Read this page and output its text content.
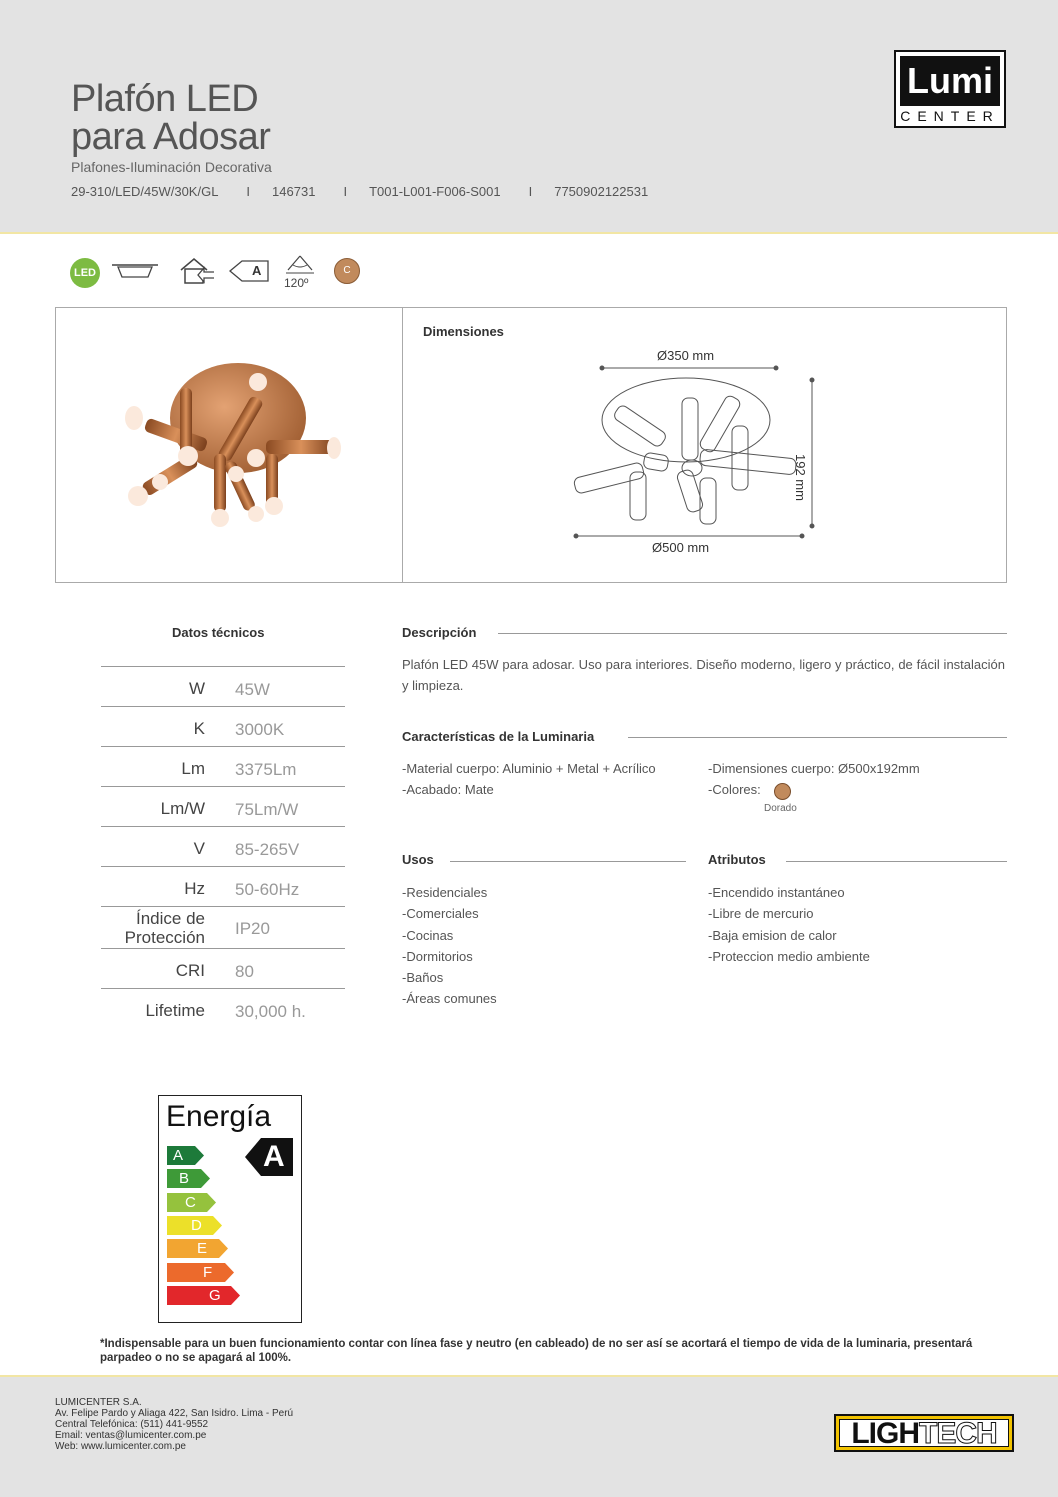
Plafón LED
para Adosar
Plafones-Iluminación Decorativa
29-310/LED/45W/30K/GL I 146731 I T001-L001-F006-S001 I 7750902122531
Lumi
CENTER
LED	A
120º
C
Dimensiones
Ø350 mm
Ø500 mm
192 mm
Datos técnicos
W 45W
K 3000K
Lm 3375Lm
Lm/W 75Lm/W
V 85-265V
Hz 50-60Hz
Índice de
Protección IP20
CRI 80
Lifetime 30,000 h.
Descripción
Plafón LED 45W para adosar. Uso para interiores. Diseño moderno, ligero y práctico, de fácil instalación y limpieza.
Características de la Luminaria
-Material cuerpo: Aluminio + Metal + Acrílico
-Acabado: Mate
-Dimensiones cuerpo: Ø500x192mm
-Colores:
Dorado
Usos
-Residenciales
-Comerciales
-Cocinas
-Dormitorios
-Baños
-Áreas comunes
Atributos
-Encendido instantáneo
-Libre de mercurio
-Baja emision de calor
-Proteccion medio ambiente
Energía
A
B
C
D
E
F
G
A
*Indispensable para un buen funcionamiento contar con línea fase y neutro (en cableado) de no ser así se acortará el tiempo de vida de la luminaria, presentará parpadeo o no se apagará al 100%.
LUMICENTER S.A.
Av. Felipe Pardo y Aliaga 422, San Isidro. Lima - Perú
Central Telefónica: (511) 441-9552
Email: ventas@lumicenter.com.pe
Web: www.lumicenter.com.pe	LIGHTECH
